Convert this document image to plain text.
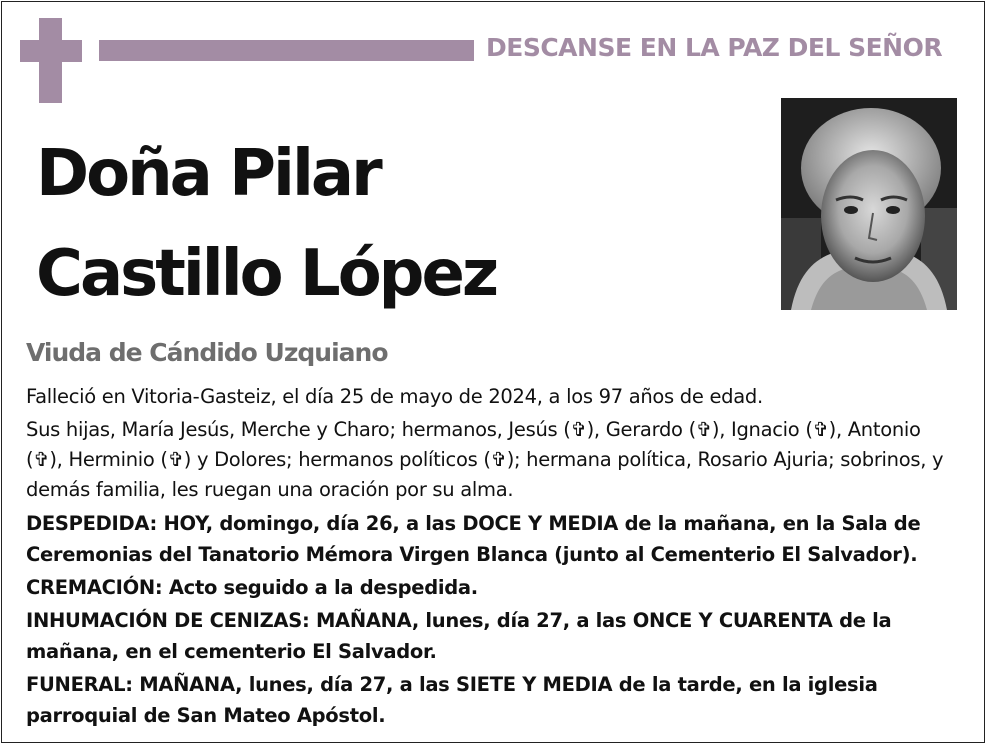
DESCANSE EN LA PAZ DEL SEÑOR
Doña Pilar
Castillo López
Viuda de Cándido Uzquiano

Falleció en Vitoria-Gasteiz, el día 25 de mayo de 2024, a los 97 años de edad.

Sus hijas, María Jesús, Merche y Charo; hermanos, Jesús (✞), Gerardo (✞), Ignacio (✞), Antonio (✞), Herminio (✞) y Dolores; hermanos políticos (✞); hermana política, Rosario Ajuria; sobrinos, y demás familia, les ruegan una oración por su alma.

DESPEDIDA: HOY, domingo, día 26, a las DOCE Y MEDIA de la mañana, en la Sala de Ceremonias del Tanatorio Mémora Virgen Blanca (junto al Cementerio El Salvador).

CREMACIÓN: Acto seguido a la despedida.

INHUMACIÓN DE CENIZAS: MAÑANA, lunes, día 27, a las ONCE Y CUARENTA de la mañana, en el cementerio El Salvador.

FUNERAL: MAÑANA, lunes, día 27, a las SIETE Y MEDIA de la tarde, en la iglesia parroquial de San Mateo Apóstol.
